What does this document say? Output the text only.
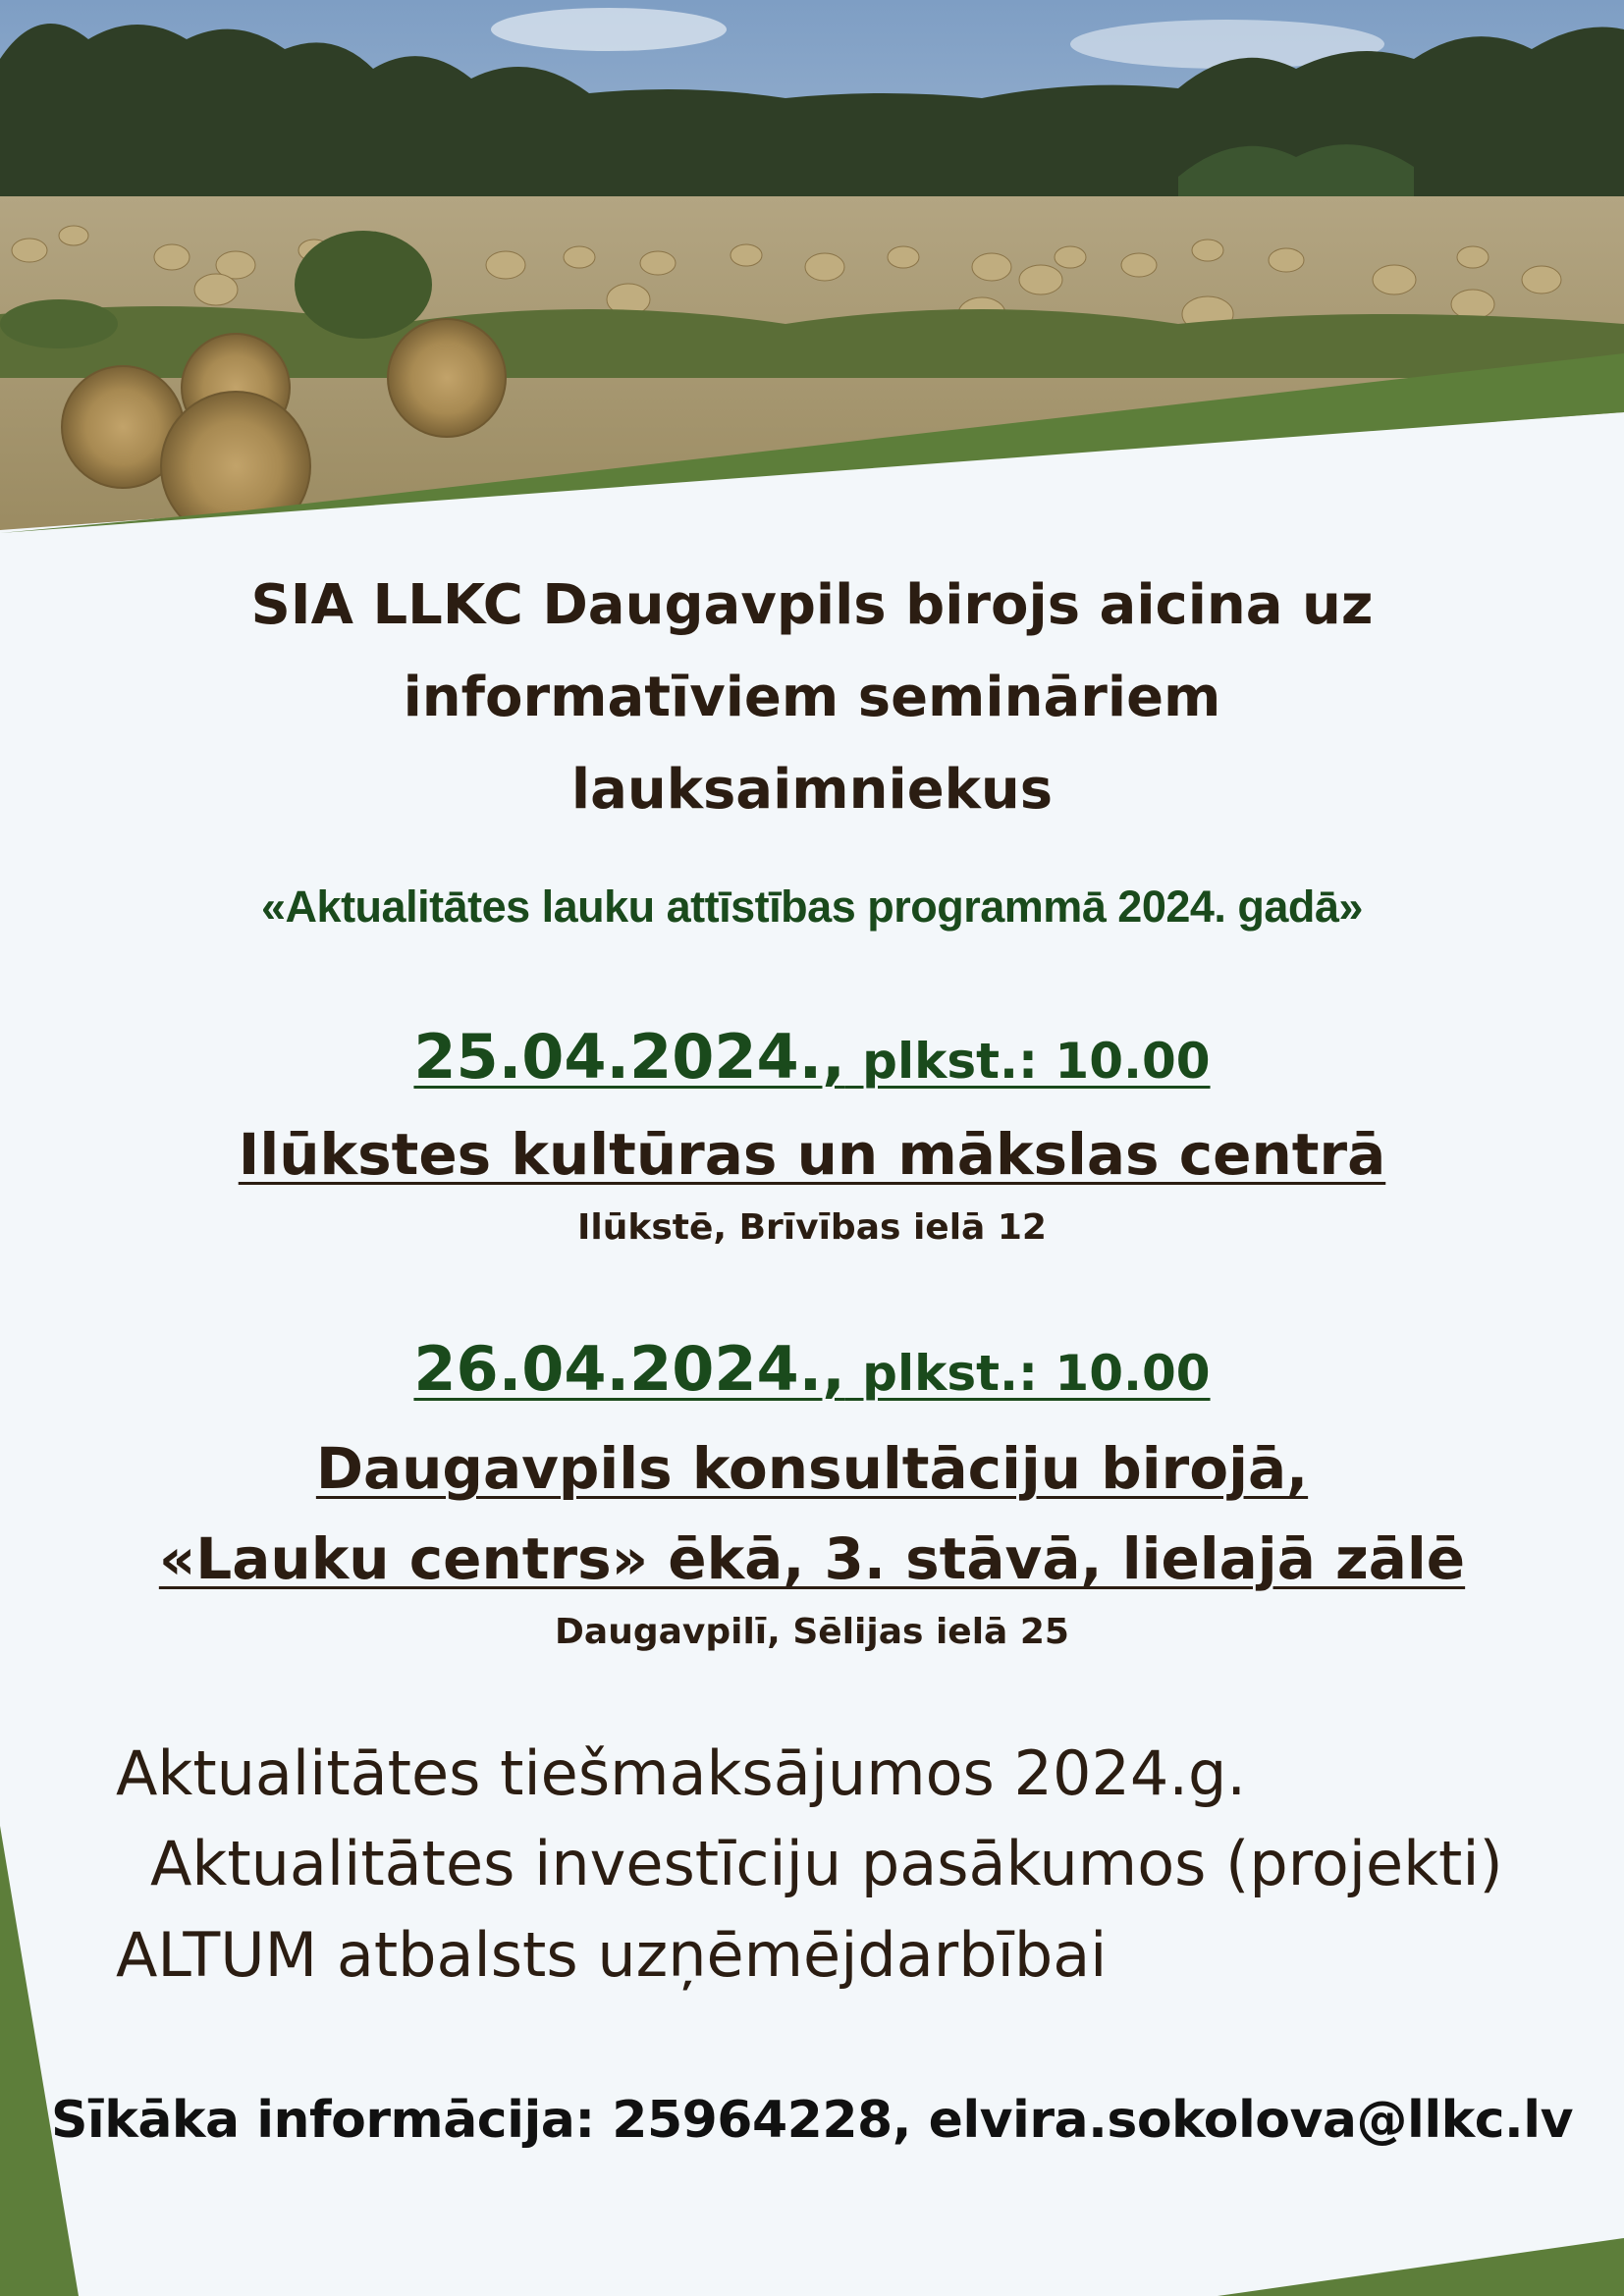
SIA LLKC Daugavpils birojs aicina uz
informatīviem semināriem
lauksaimniekus

«Aktualitātes lauku attīstības programmā 2024. gadā»

25.04.2024., plkst.: 10.00
Ilūkstes kultūras un mākslas centrā

Ilūkstē, Brīvības ielā 12

26.04.2024., plkst.: 10.00
Daugavpils konsultāciju birojā,
«Lauku centrs» ēkā, 3. stāvā, lielajā zālē

Daugavpilī, Sēlijas ielā 25

Aktualitātes tiešmaksājumos 2024.g.

Aktualitātes investīciju pasākumos (projekti)

ALTUM atbalsts uzņēmējdarbībai

Sīkāka informācija: 25964228, elvira.sokolova@llkc.lv
